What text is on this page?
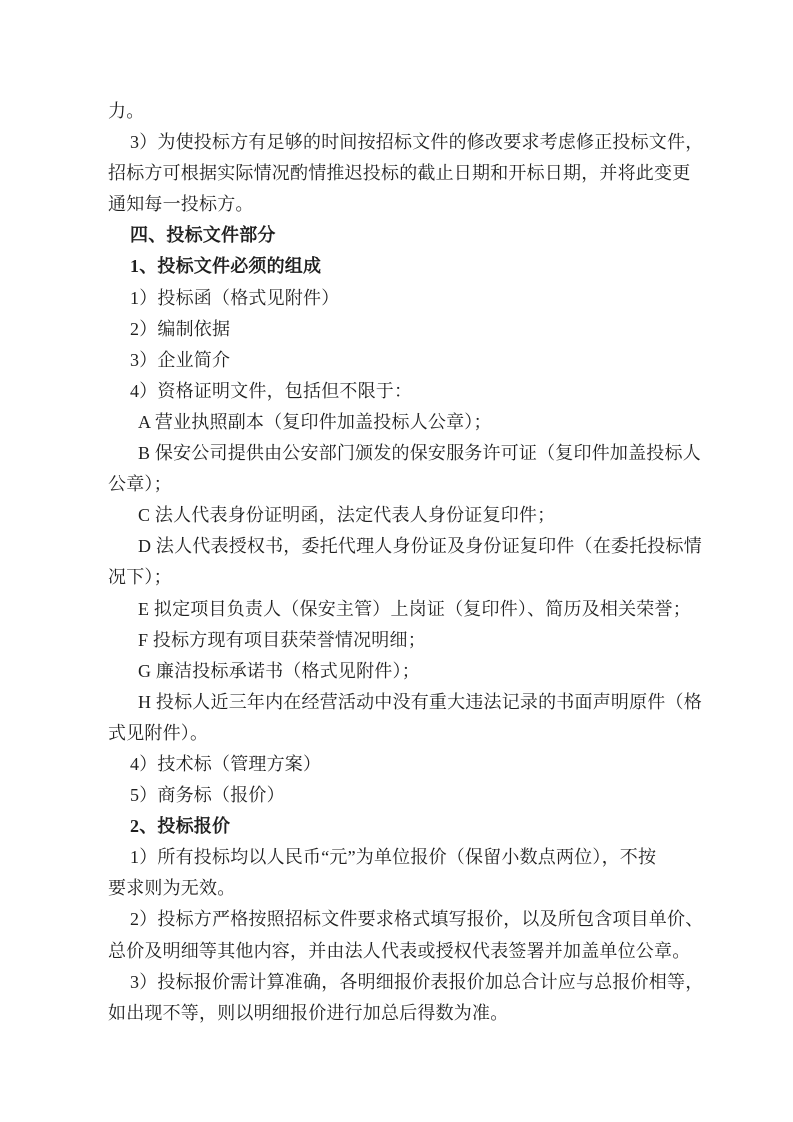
力。
3）为使投标方有足够的时间按招标文件的修改要求考虑修正投标文件，
招标方可根据实际情况酌情推迟投标的截止日期和开标日期，并将此变更
通知每一投标方。
四、投标文件部分
1、投标文件必须的组成
1）投标函（格式见附件）
2）编制依据
3）企业简介
4）资格证明文件，包括但不限于：
A 营业执照副本（复印件加盖投标人公章）；
B 保安公司提供由公安部门颁发的保安服务许可证（复印件加盖投标人
公章）；
C 法人代表身份证明函，法定代表人身份证复印件；
D 法人代表授权书，委托代理人身份证及身份证复印件（在委托投标情
况下）；
E 拟定项目负责人（保安主管）上岗证（复印件）、简历及相关荣誉；
F 投标方现有项目获荣誉情况明细；
G 廉洁投标承诺书（格式见附件）；
H 投标人近三年内在经营活动中没有重大违法记录的书面声明原件（格
式见附件）。
4）技术标（管理方案）
5）商务标（报价）
2、投标报价
1）所有投标均以人民币“元”为单位报价（保留小数点两位），不按
要求则为无效。
2）投标方严格按照招标文件要求格式填写报价，以及所包含项目单价、
总价及明细等其他内容，并由法人代表或授权代表签署并加盖单位公章。
3）投标报价需计算准确，各明细报价表报价加总合计应与总报价相等，
如出现不等，则以明细报价进行加总后得数为准。
